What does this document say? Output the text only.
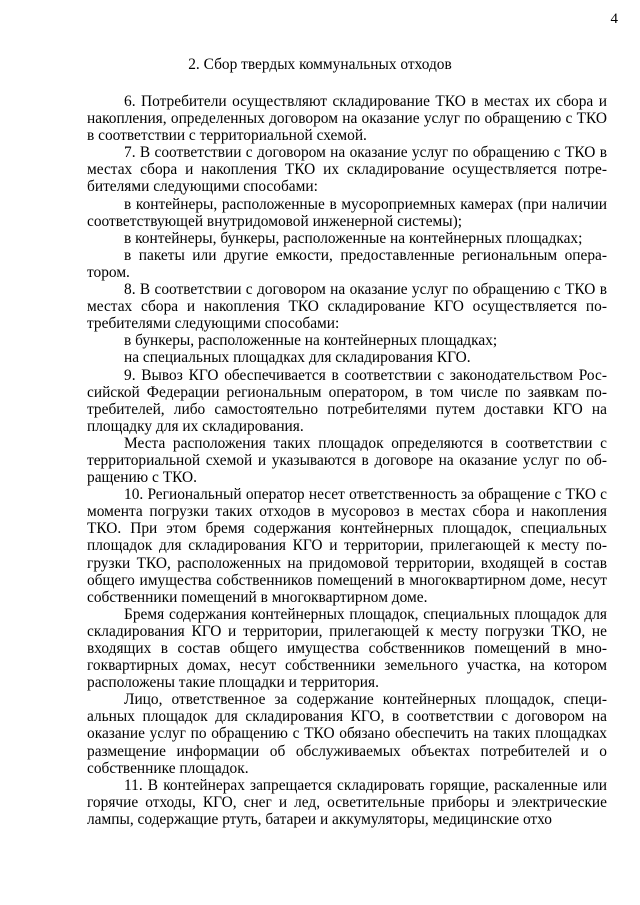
4
2. Сбор твердых коммунальных отходов

6. Потребители осуществляют складирование ТКО в местах их сбора и накопления, определенных договором на оказание услуг по обращению с ТКО в соответствии с территориальной схемой.

7. В соответствии с договором на оказание услуг по обращению с ТКО в местах сбора и накопления ТКО их складирование осуществляется потребителями следующими способами:

в контейнеры, расположенные в мусороприемных камерах (при наличии соответствующей внутридомовой инженерной системы);

в контейнеры, бункеры, расположенные на контейнерных площадках;

в пакеты или другие емкости, предоставленные региональным оператором.

8. В соответствии с договором на оказание услуг по обращению с ТКО в местах сбора и накопления ТКО складирование КГО осуществляется потребителями следующими способами:

в бункеры, расположенные на контейнерных площадках;

на специальных площадках для складирования КГО.

9. Вывоз КГО обеспечивается в соответствии с законодательством Российской Федерации региональным оператором, в том числе по заявкам потребителей, либо самостоятельно потребителями путем доставки КГО на площадку для их складирования.

Места расположения таких площадок определяются в соответствии с территориальной схемой и указываются в договоре на оказание услуг по обращению с ТКО.

10. Региональный оператор несет ответственность за обращение с ТКО с момента погрузки таких отходов в мусоровоз в местах сбора и накопления ТКО. При этом бремя содержания контейнерных площадок, специальных площадок для складирования КГО и территории, прилегающей к месту погрузки ТКО, расположенных на придомовой территории, входящей в состав общего имущества собственников помещений в многоквартирном доме, несут собственники помещений в многоквартирном доме.

Бремя содержания контейнерных площадок, специальных площадок для складирования КГО и территории, прилегающей к месту погрузки ТКО, не входящих в состав общего имущества собственников помещений в многоквартирных домах, несут собственники земельного участка, на котором расположены такие площадки и территория.

Лицо, ответственное за содержание контейнерных площадок, специальных площадок для складирования КГО, в соответствии с договором на оказание услуг по обращению с ТКО обязано обеспечить на таких площадках размещение информации об обслуживаемых объектах потребителей и о собственнике площадок.

11. В контейнерах запрещается складировать горящие, раскаленные или горячие отходы, КГО, снег и лед, осветительные приборы и электрические лампы, содержащие ртуть, батареи и аккумуляторы, медицинские отхо
